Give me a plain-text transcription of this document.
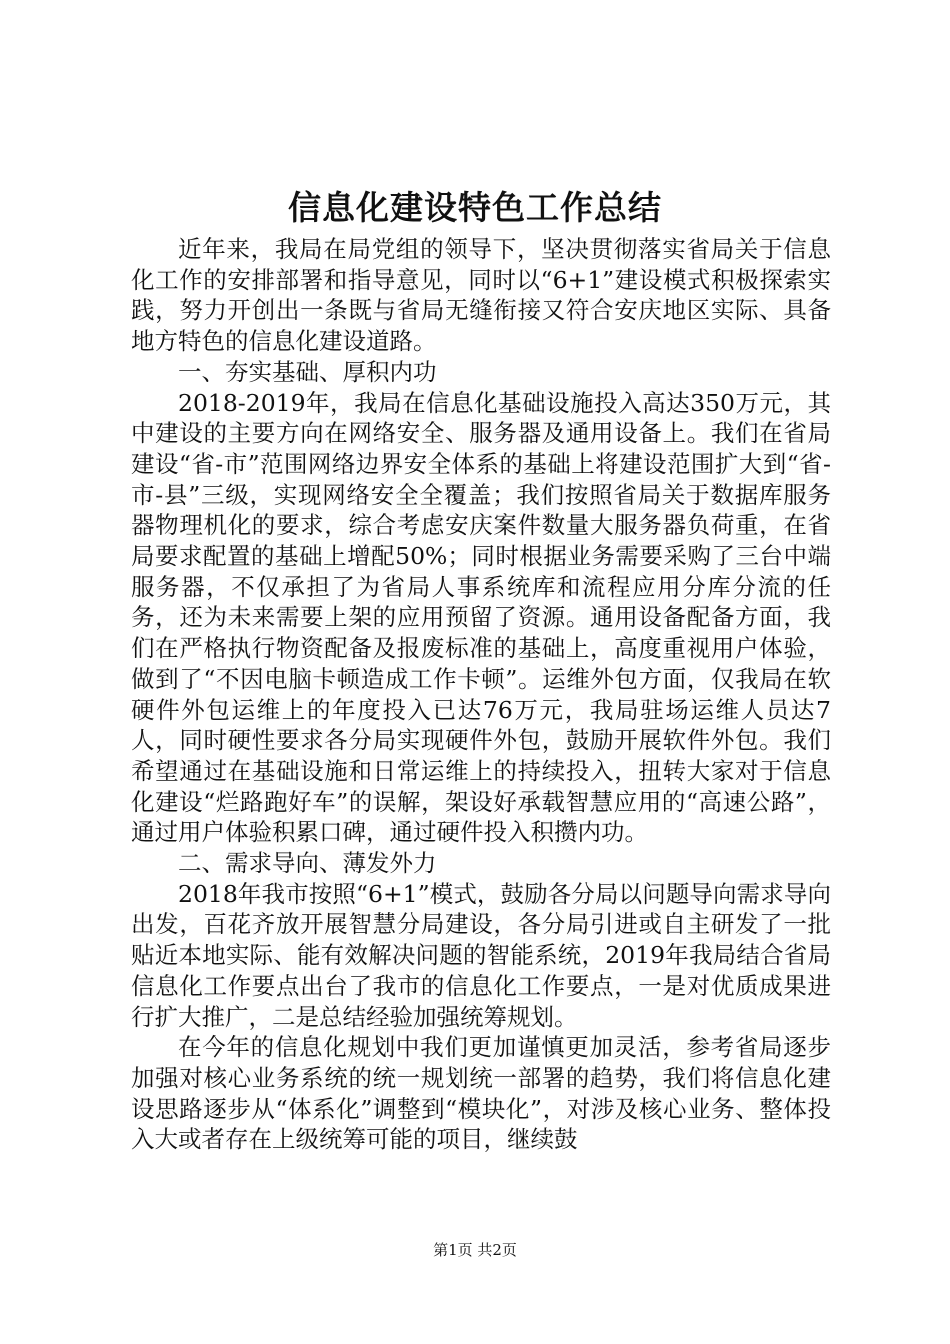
信息化建设特色工作总结

近年来，我局在局党组的领导下，坚决贯彻落实省局关于信息化工作的安排部署和指导意见，同时以“6+1”建设模式积极探索实践，努力开创出一条既与省局无缝衔接又符合安庆地区实际、具备地方特色的信息化建设道路。

一、夯实基础、厚积内功

2018-2019年，我局在信息化基础设施投入高达350万元，其中建设的主要方向在网络安全、服务器及通用设备上。我们在省局建设“省-市”范围网络边界安全体系的基础上将建设范围扩大到“省-市-县”三级，实现网络安全全覆盖；我们按照省局关于数据库服务器物理机化的要求，综合考虑安庆案件数量大服务器负荷重，在省局要求配置的基础上增配50%；同时根据业务需要采购了三台中端服务器，不仅承担了为省局人事系统库和流程应用分库分流的任务，还为未来需要上架的应用预留了资源。通用设备配备方面，我们在严格执行物资配备及报废标准的基础上，高度重视用户体验，做到了“不因电脑卡顿造成工作卡顿”。运维外包方面，仅我局在软硬件外包运维上的年度投入已达76万元，我局驻场运维人员达7人，同时硬性要求各分局实现硬件外包，鼓励开展软件外包。我们希望通过在基础设施和日常运维上的持续投入，扭转大家对于信息化建设“烂路跑好车”的误解，架设好承载智慧应用的“高速公路”，通过用户体验积累口碑，通过硬件投入积攒内功。

二、需求导向、薄发外力

2018年我市按照“6+1”模式，鼓励各分局以问题导向需求导向出发，百花齐放开展智慧分局建设，各分局引进或自主研发了一批贴近本地实际、能有效解决问题的智能系统，2019年我局结合省局信息化工作要点出台了我市的信息化工作要点，一是对优质成果进行扩大推广，二是总结经验加强统筹规划。

在今年的信息化规划中我们更加谨慎更加灵活，参考省局逐步加强对核心业务系统的统一规划统一部署的趋势，我们将信息化建设思路逐步从“体系化”调整到“模块化”，对涉及核心业务、整体投入大或者存在上级统筹可能的项目，继续鼓

第1页 共2页
